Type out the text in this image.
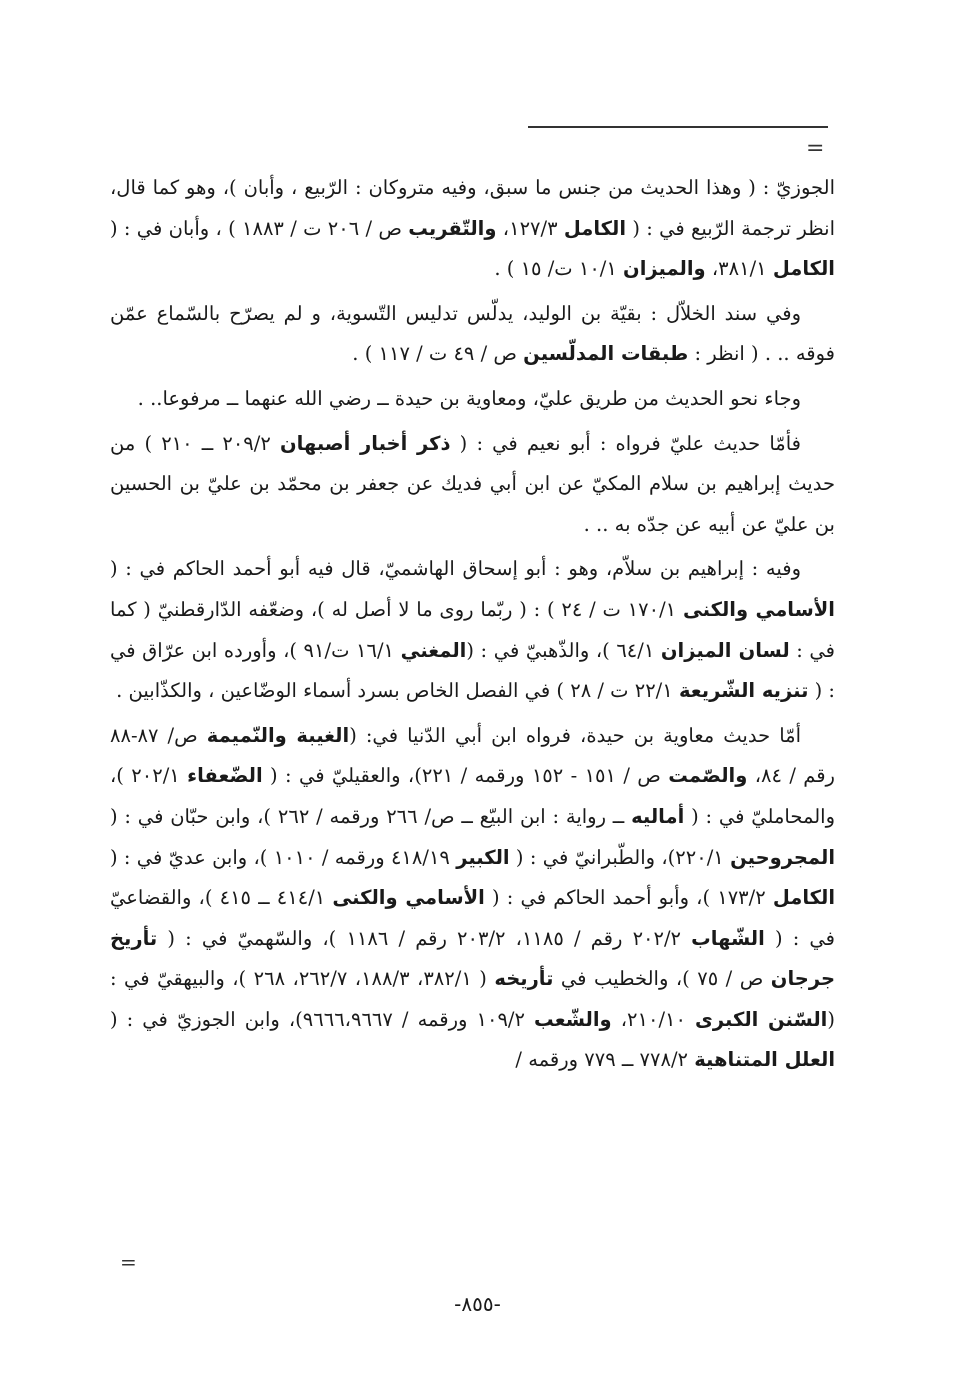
=

الجوزيّ : ( وهذا الحديث من جنس ما سبق، وفيه متروكان : الرّبيع ، وأبان )، وهو كما قال، انظر ترجمة الرّبيع في : ( الكامل ١٢٧/٣، والتّقريب ص / ٢٠٦ ت / ١٨٨٣ ) ، وأبان في : ( الكامل ٣٨١/١، والميزان ١٠/١ ت/ ١٥ ) .

وفي سند الخلاّل : بقيّة بن الوليد، يدلّس تدليس التّسوية، و لم يصرّح بالسّماع عمّن فوقه .. . ( انظر : طبقات المدلّسين ص / ٤٩ ت / ١١٧ ) .

وجاء نحو الحديث من طريق عليّ، ومعاوية بن حيدة ــ رضي الله عنهما ــ مرفوعا.. .

فأمّا حديث عليّ فرواه : أبو نعيم في : ( ذكر أخبار أصبهان ٢٠٩/٢ ــ ٢١٠ ) من حديث إبراهيم بن سلام المكيّ عن ابن أبي فديك عن جعفر بن محمّد بن عليّ بن الحسين بن عليّ عن أبيه عن جدّه به .. .

وفيه : إبراهيم بن سلاّم، وهو : أبو إسحاق الهاشميّ، قال فيه أبو أحمد الحاكم في : ( الأسامي والكنى ١٧٠/١ ت / ٢٤ ) : ( ربّما روى ما لا أصل له )، وضعّفه الدّارقطنيّ ( كما في : لسان الميزان ٦٤/١ )، والذّهبيّ في : (المغني ١٦/١ ت/٩١ )، وأورده ابن عرّاق في : ( تنزيه الشّريعة ٢٢/١ ت / ٢٨ ) في الفصل الخاص بسرد أسماء الوضّاعين ، والكذّابين .

أمّا حديث معاوية بن حيدة، فرواه ابن أبي الدّنيا في: (الغيبة والنّميمة ص/ ٨٧-٨٨ رقم / ٨٤، والصّمت ص / ١٥١ - ١٥٢ ورقمه / ٢٢١)، والعقيليّ في : ( الضّعفاء ٢٠٢/١ )، والمحامليّ في : ( أماليه ــ رواية : ابن البيّع ــ ص/ ٢٦٦ ورقمه / ٢٦٢ )، وابن حبّان في : ( المجروحين ٢٢٠/١)، والطّبرانيّ في : ( الكبير ٤١٨/١٩ ورقمه / ١٠١٠ )، وابن عديّ في : ( الكامل ١٧٣/٢ )، وأبو أحمد الحاكم في : ( الأسامي والكنى ٤١٤/١ ــ ٤١٥ )، والقضاعيّ في : ( الشّهاب ٢٠٢/٢ رقم / ١١٨٥، ٢٠٣/٢ رقم / ١١٨٦ )، والسّهميّ في : ( تأريخ جرجان ص / ٧٥ )، والخطيب في تأريخه ( ٣٨٢/١، ١٨٨/٣، ٢٦٢/٧، ٢٦٨ )، والبيهقيّ في : (السّنن الكبرى ٢١٠/١٠، والشّعب ١٠٩/٢ ورقمه / ٩٦٦٦،٩٦٦٧)، وابن الجوزيّ في : ( العلل المتناهية ٧٧٨/٢ ــ ٧٧٩ ورقمه /

=
-٨٥٥-
